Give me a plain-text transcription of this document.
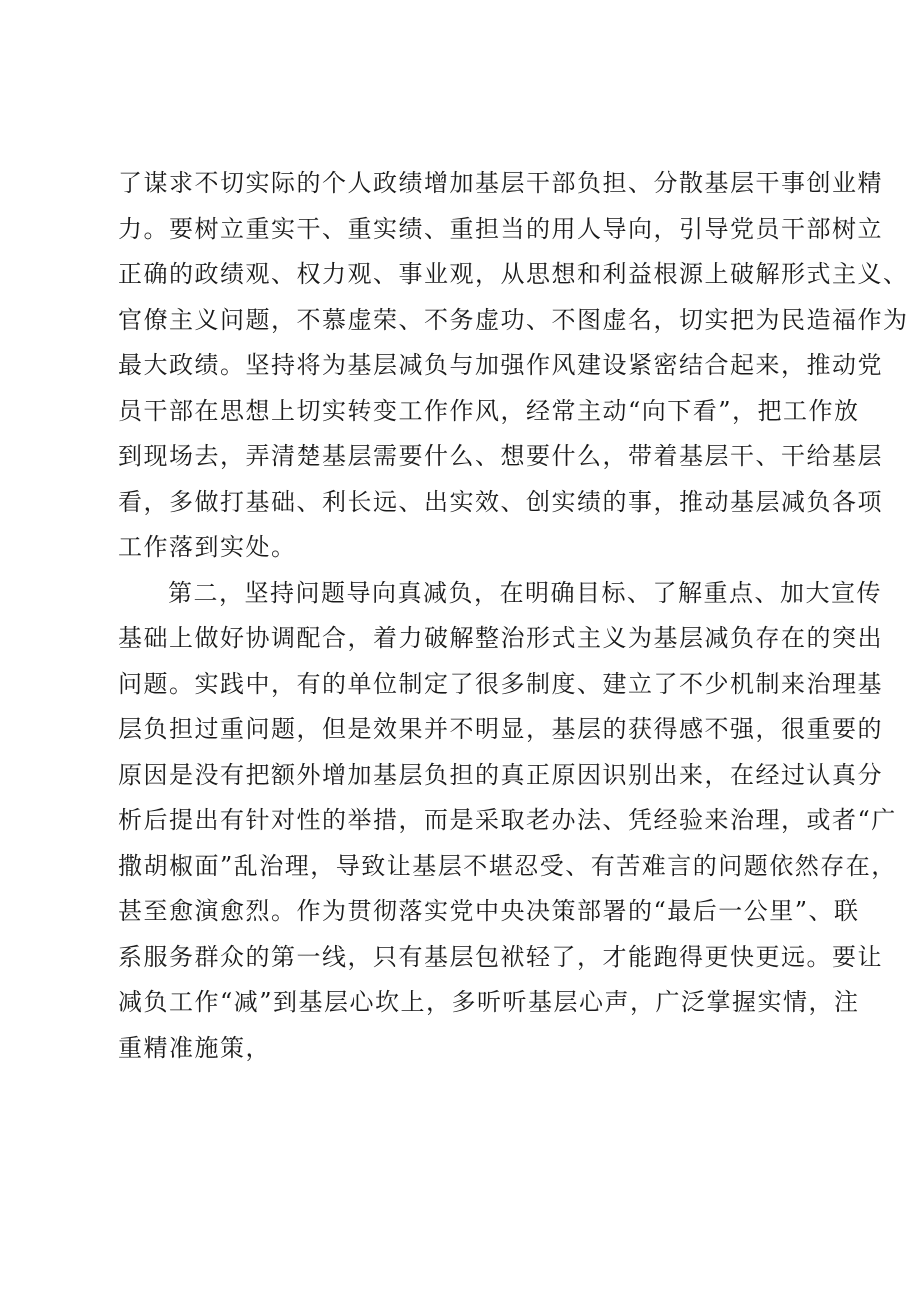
了谋求不切实际的个人政绩增加基层干部负担、分散基层干事创业精
力。要树立重实干、重实绩、重担当的用人导向，引导党员干部树立
正确的政绩观、权力观、事业观，从思想和利益根源上破解形式主义、
官僚主义问题，不慕虚荣、不务虚功、不图虚名，切实把为民造福作为
最大政绩。坚持将为基层减负与加强作风建设紧密结合起来，推动党
员干部在思想上切实转变工作作风，经常主动“向下看”，把工作放
到现场去，弄清楚基层需要什么、想要什么，带着基层干、干给基层
看，多做打基础、利长远、出实效、创实绩的事，推动基层减负各项
工作落到实处。
第二，坚持问题导向真减负，在明确目标、了解重点、加大宣传
基础上做好协调配合，着力破解整治形式主义为基层减负存在的突出
问题。实践中，有的单位制定了很多制度、建立了不少机制来治理基
层负担过重问题，但是效果并不明显，基层的获得感不强，很重要的
原因是没有把额外增加基层负担的真正原因识别出来，在经过认真分
析后提出有针对性的举措，而是采取老办法、凭经验来治理，或者“广
撒胡椒面”乱治理，导致让基层不堪忍受、有苦难言的问题依然存在，
甚至愈演愈烈。作为贯彻落实党中央决策部署的“最后一公里”、联
系服务群众的第一线，只有基层包袱轻了，才能跑得更快更远。要让
减负工作“减”到基层心坎上，多听听基层心声，广泛掌握实情，注
重精准施策，
